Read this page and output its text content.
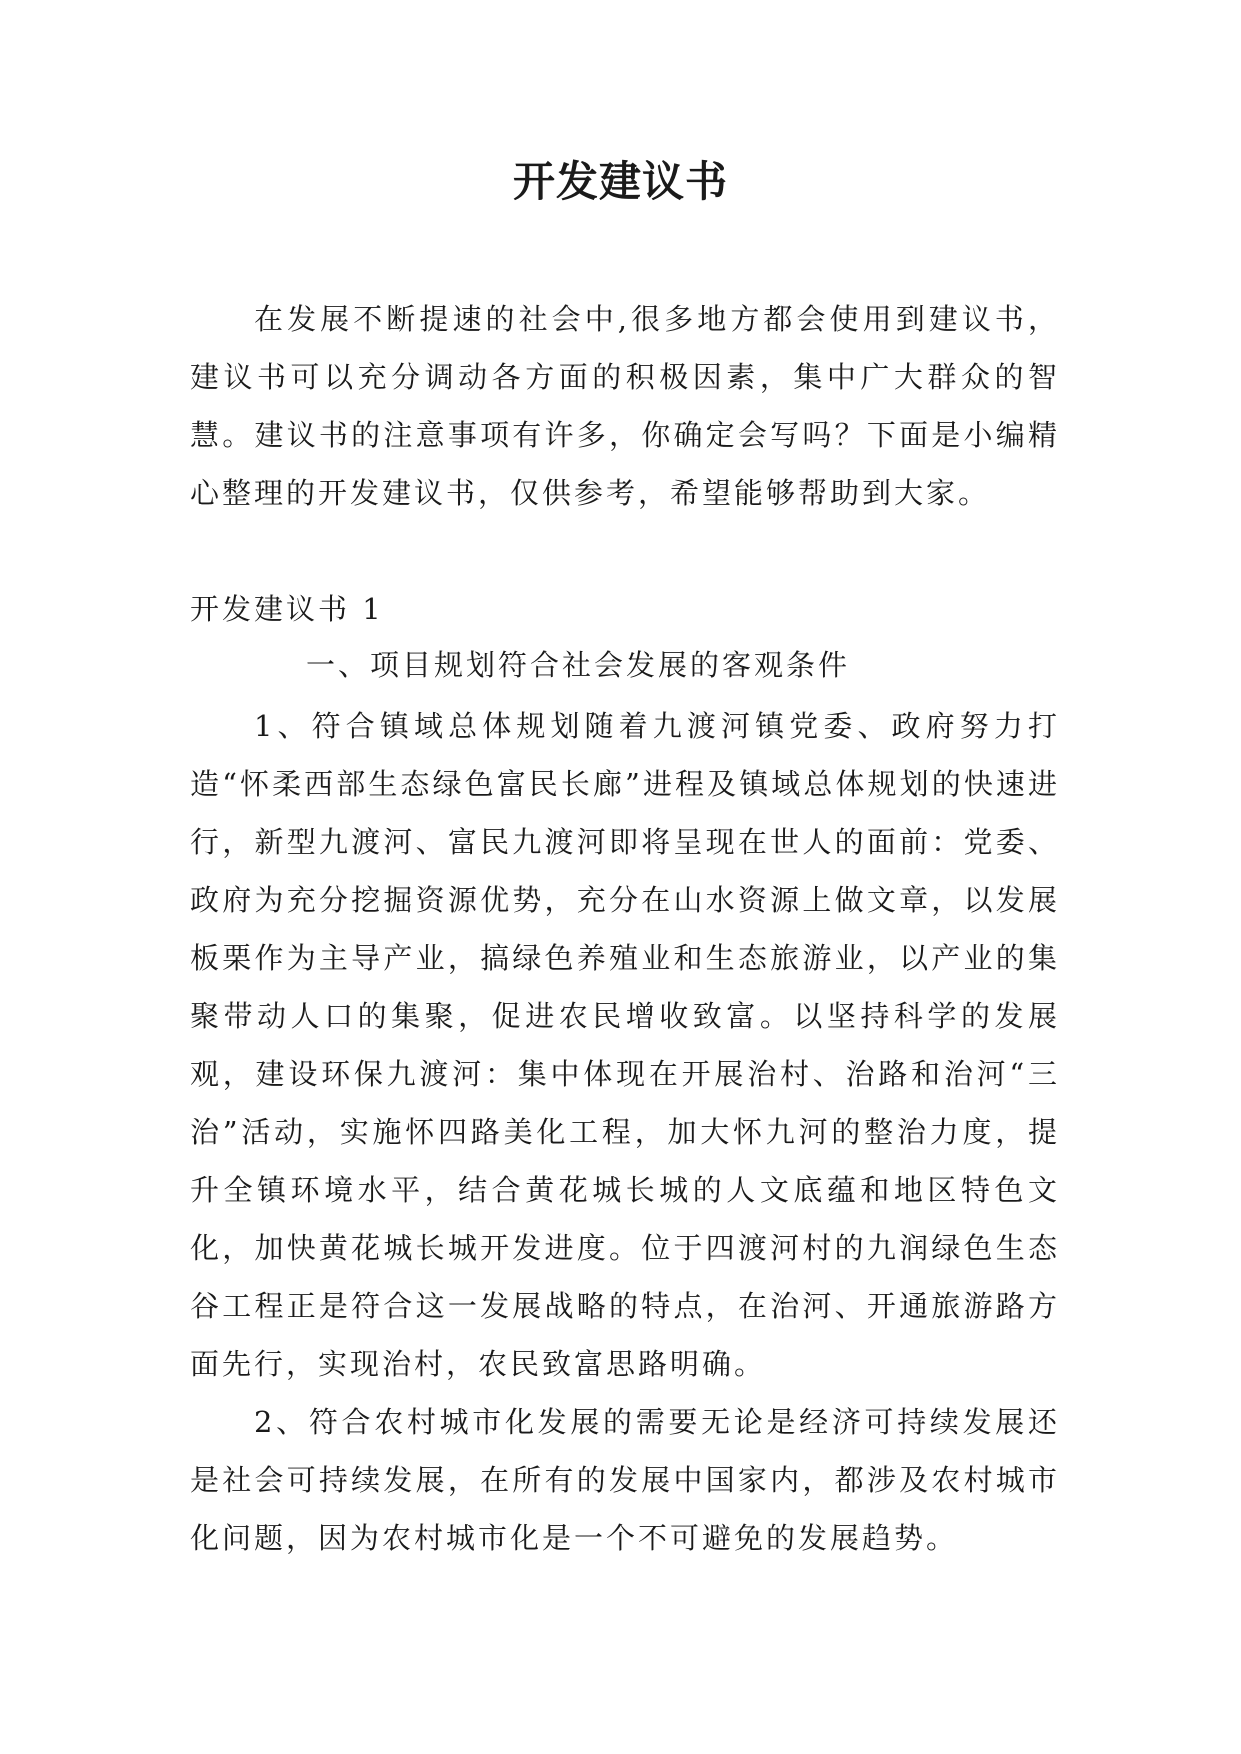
开发建议书

在发展不断提速的社会中,很多地方都会使用到建议书，建议书可以充分调动各方面的积极因素，集中广大群众的智慧。建议书的注意事项有许多，你确定会写吗？下面是小编精心整理的开发建议书，仅供参考，希望能够帮助到大家。

开发建议书 1

一、项目规划符合社会发展的客观条件

1、符合镇域总体规划随着九渡河镇党委、政府努力打造“怀柔西部生态绿色富民长廊”进程及镇域总体规划的快速进行，新型九渡河、富民九渡河即将呈现在世人的面前：党委、政府为充分挖掘资源优势，充分在山水资源上做文章，以发展板栗作为主导产业，搞绿色养殖业和生态旅游业，以产业的集聚带动人口的集聚，促进农民增收致富。以坚持科学的发展观，建设环保九渡河：集中体现在开展治村、治路和治河“三治”活动，实施怀四路美化工程，加大怀九河的整治力度，提升全镇环境水平，结合黄花城长城的人文底蕴和地区特色文化，加快黄花城长城开发进度。位于四渡河村的九润绿色生态谷工程正是符合这一发展战略的特点，在治河、开通旅游路方面先行，实现治村，农民致富思路明确。

2、符合农村城市化发展的需要无论是经济可持续发展还是社会可持续发展，在所有的发展中国家内，都涉及农村城市化问题，因为农村城市化是一个不可避免的发展趋势。
